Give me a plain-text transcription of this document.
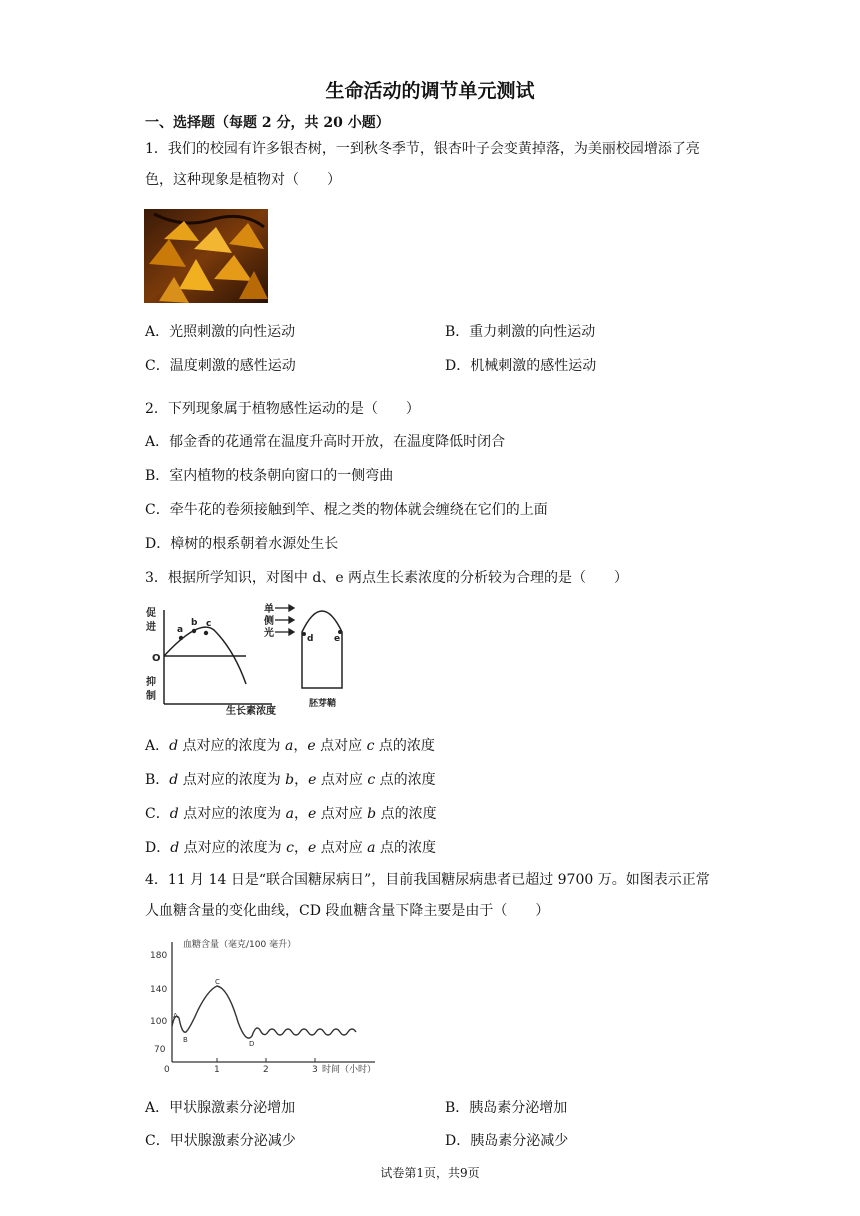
生命活动的调节单元测试
一、选择题（每题 2 分，共 20 小题）
1．我们的校园有许多银杏树，一到秋冬季节，银杏叶子会变黄掉落，为美丽校园增添了亮色，这种现象是植物对（　　）
A．光照刺激的向性运动	B．重力刺激的向性运动
C．温度刺激的感性运动	D．机械刺激的感性运动
2．下列现象属于植物感性运动的是（　　）
A．郁金香的花通常在温度升高时开放，在温度降低时闭合
B．室内植物的枝条朝向窗口的一侧弯曲
C．牵牛花的卷须接触到竿、棍之类的物体就会缠绕在它们的上面
D．樟树的根系朝着水源处生长
3．根据所学知识，对图中 d、e 两点生长素浓度的分析较为合理的是（　　）
促
进
O
抑
制
生长素浓度
a
b c
单
侧
光	d e
胚芽鞘
A．d 点对应的浓度为 a，e 点对应 c 点的浓度
B．d 点对应的浓度为 b，e 点对应 c 点的浓度
C．d 点对应的浓度为 a，e 点对应 b 点的浓度
D．d 点对应的浓度为 c，e 点对应 a 点的浓度
4．11 月 14 日是“联合国糖尿病日”，目前我国糖尿病患者已超过 9700 万。如图表示正常人血糖含量的变化曲线，CD 段血糖含量下降主要是由于（　　）
血糖含量（毫克/100 毫升）
180
140
100
70
0	1	2	3 时间（小时）
A
B
C
D
A．甲状腺激素分泌增加	B．胰岛素分泌增加
C．甲状腺激素分泌减少	D．胰岛素分泌减少
试卷第1页，共9页
